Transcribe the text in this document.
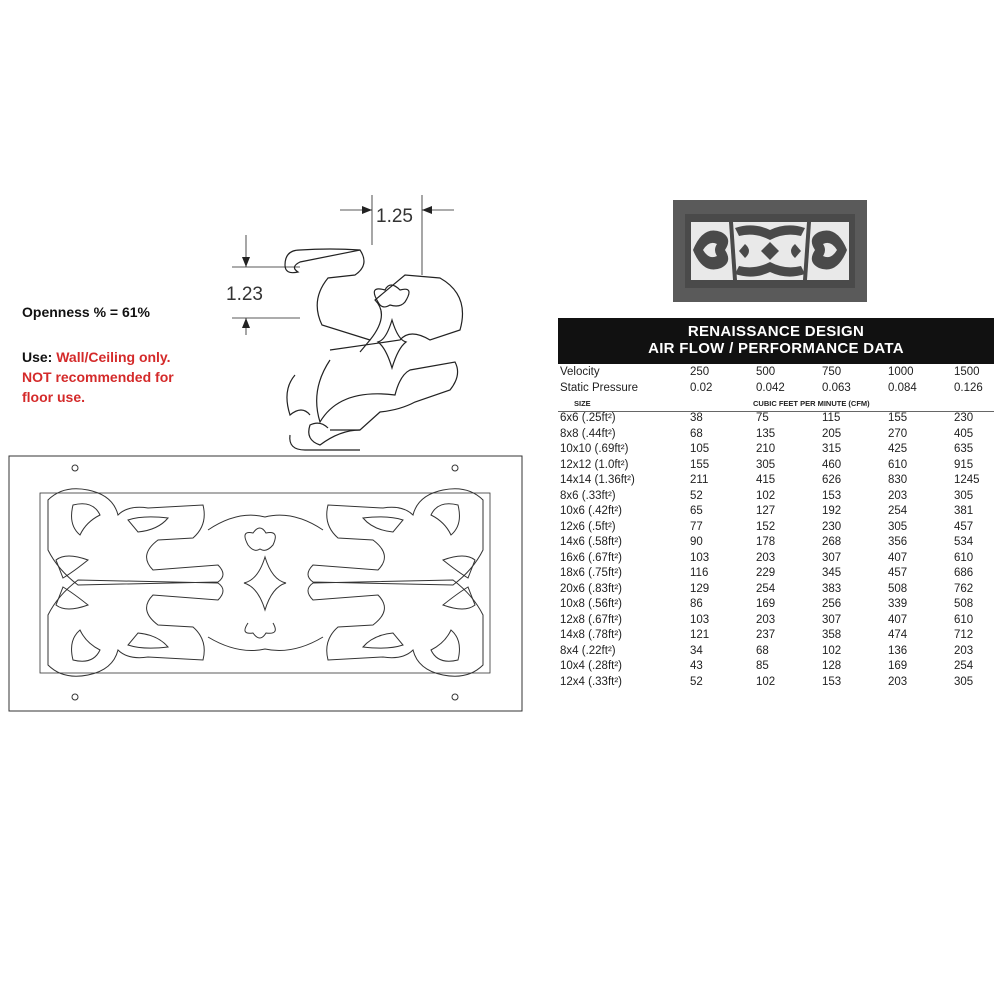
Openness % = 61%
Use: Wall/Ceiling only.
NOT recommended for
floor use.
1.25
1.23
RENAISSANCE DESIGN
AIR FLOW / PERFORMANCE DATA
Velocity	250	500	750	1000	1500
Static Pressure	0.02	0.042	0.063	0.084	0.126
SIZE	CUBIC FEET PER MINUTE (CFM)
6x6 (.25ft²)	38	75	115	155	230
8x8 (.44ft²)	68	135	205	270	405
10x10 (.69ft²)	105	210	315	425	635
12x12 (1.0ft²)	155	305	460	610	915
14x14 (1.36ft²)	211	415	626	830	1245
8x6 (.33ft²)	52	102	153	203	305
10x6 (.42ft²)	65	127	192	254	381
12x6 (.5ft²)	77	152	230	305	457
14x6 (.58ft²)	90	178	268	356	534
16x6 (.67ft²)	103	203	307	407	610
18x6 (.75ft²)	116	229	345	457	686
20x6 (.83ft²)	129	254	383	508	762
10x8 (.56ft²)	86	169	256	339	508
12x8 (.67ft²)	103	203	307	407	610
14x8 (.78ft²)	121	237	358	474	712
8x4 (.22ft²)	34	68	102	136	203
10x4 (.28ft²)	43	85	128	169	254
12x4 (.33ft²)	52	102	153	203	305
